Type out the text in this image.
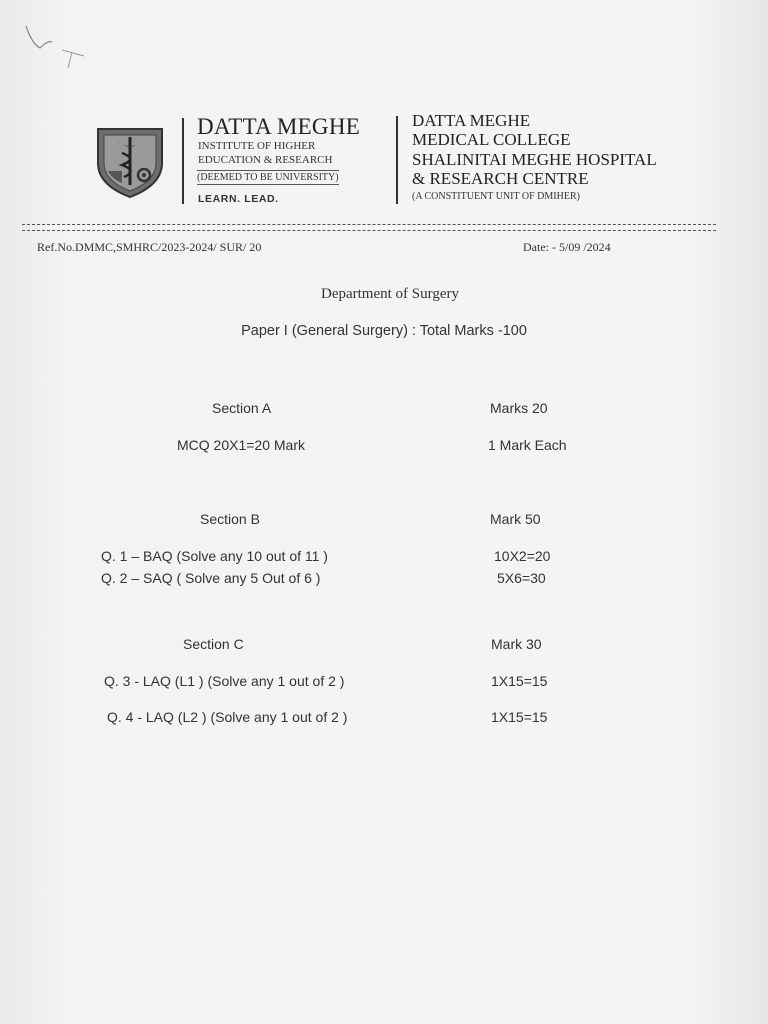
DATTA MEGHE
INSTITUTE OF HIGHER
EDUCATION & RESEARCH
(DEEMED TO BE UNIVERSITY)
LEARN. LEAD.
DATTA MEGHE
MEDICAL COLLEGE
SHALINITAI MEGHE HOSPITAL
& RESEARCH CENTRE
(A CONSTITUENT UNIT OF DMIHER)
Ref.No.DMMC,SMHRC/2023-2024/ SUR/ 20	Date: - 5/09 /2024
Department of Surgery
Paper I (General Surgery) : Total Marks -100
Section A	Marks 20
MCQ 20X1=20 Mark	1 Mark Each
Section B	Mark 50
Q. 1 – BAQ (Solve any 10 out of 11 )	10X2=20
Q. 2 – SAQ ( Solve any 5 Out of 6 )	5X6=30
Section C	Mark 30
Q. 3 - LAQ (L1 ) (Solve any 1 out of 2 )	1X15=15
Q. 4 - LAQ (L2 ) (Solve any 1 out of 2 )	1X15=15
